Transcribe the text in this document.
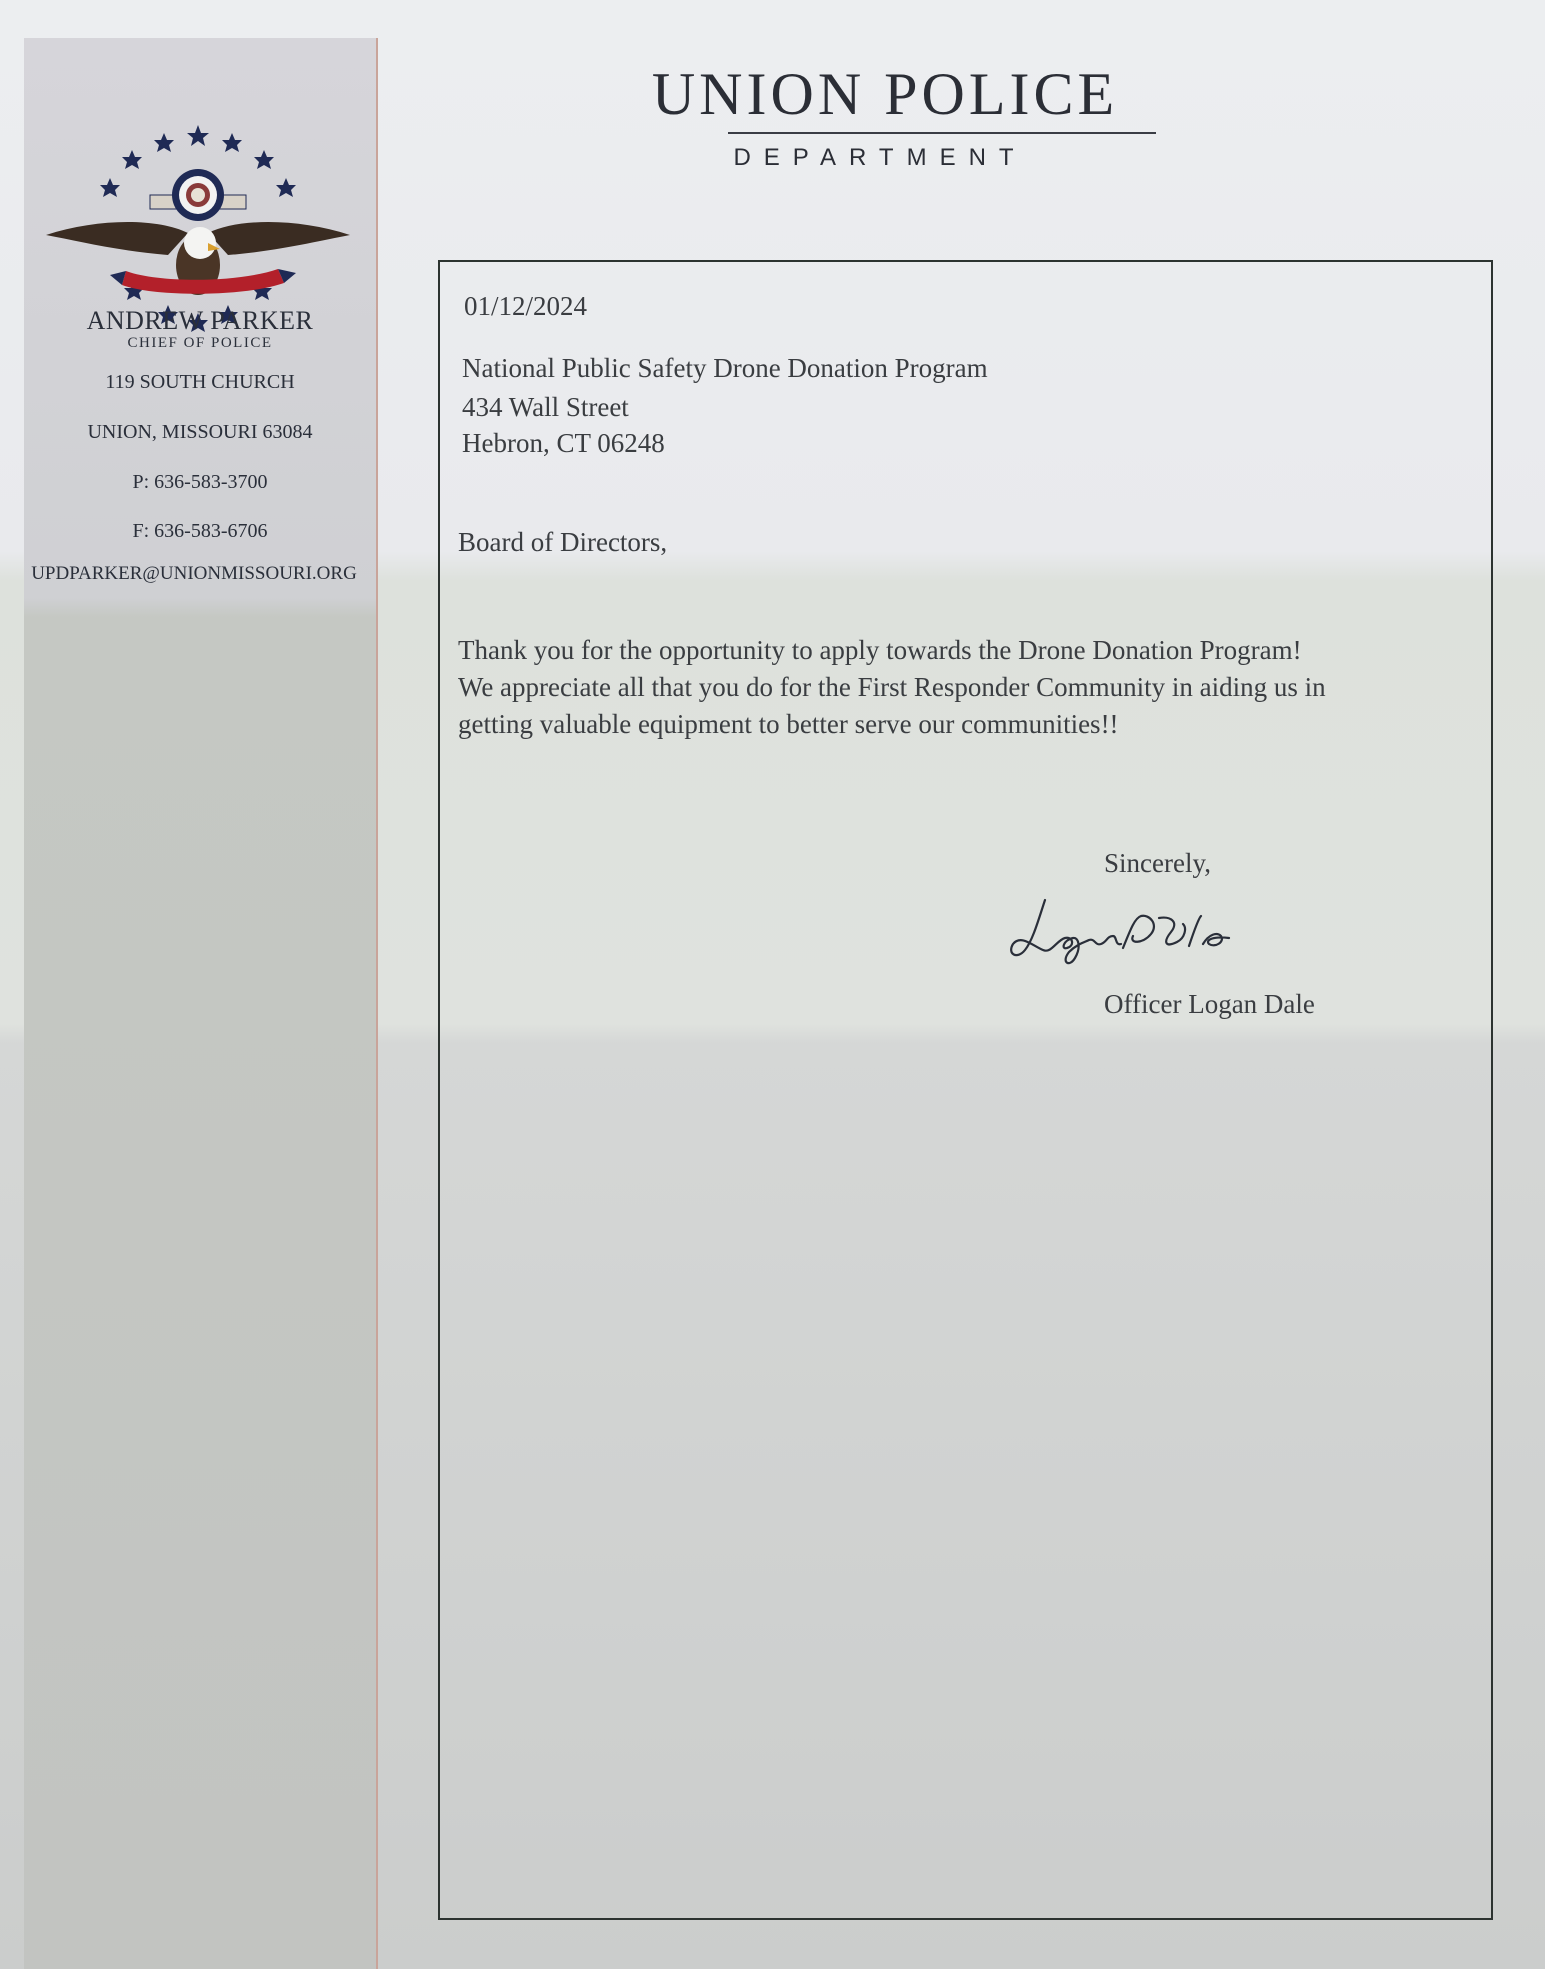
ANDREW PARKER
CHIEF OF POLICE
119 SOUTH CHURCH
UNION, MISSOURI 63084
P: 636-583-3700
F: 636-583-6706
UPDPARKER@UNIONMISSOURI.ORG
UNION POLICE
DEPARTMENT
01/12/2024
National Public Safety Drone Donation Program
434 Wall Street
Hebron, CT 06248
Board of Directors,
Thank you for the opportunity to apply towards the Drone Donation Program!
We appreciate all that you do for the First Responder Community in aiding us in
getting valuable equipment to better serve our communities!!
Sincerely,
Officer Logan Dale
